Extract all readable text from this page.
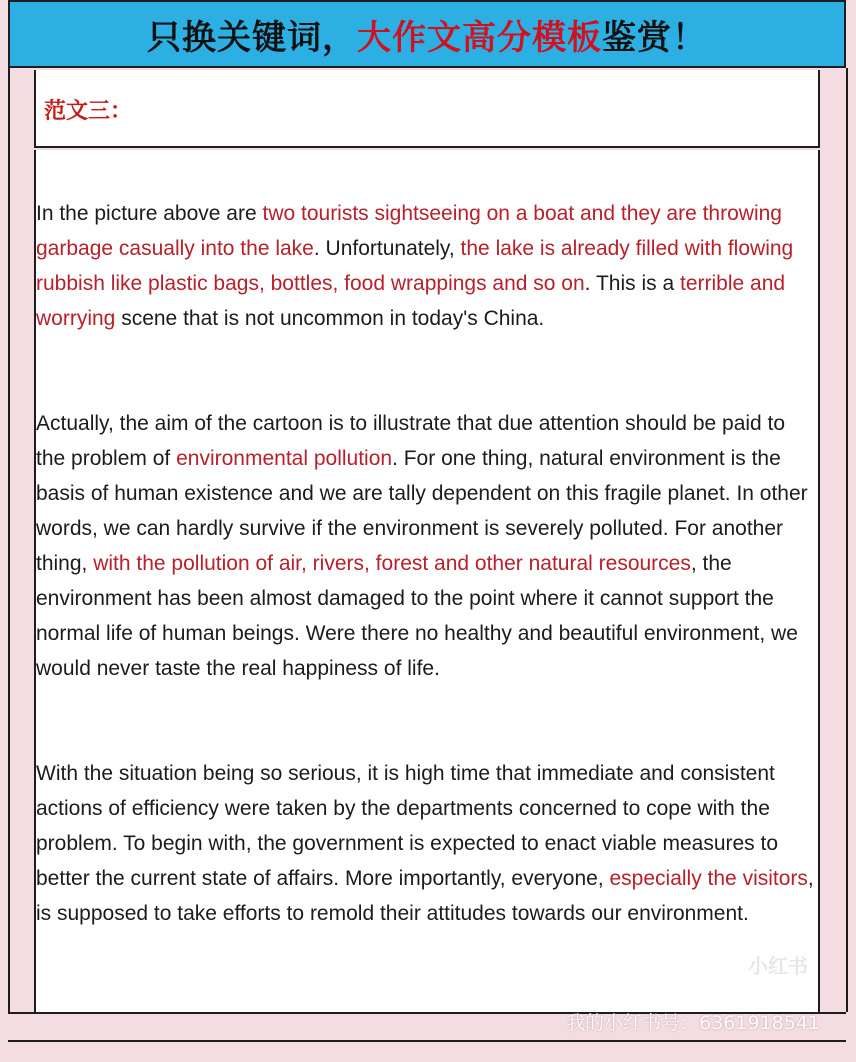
只换关键词， 大作文高分模板 鉴赏！
范文三：

In the picture above are two tourists sightseeing on a boat and they are throwing garbage casually into the lake. Unfortunately, the lake is already filled with flowing rubbish like plastic bags, bottles, food wrappings and so on. This is a terrible and worrying scene that is not uncommon in today's China.

Actually, the aim of the cartoon is to illustrate that due attention should be paid to the problem of environmental pollution. For one thing, natural environment is the basis of human existence and we are tally dependent on this fragile planet. In other words, we can hardly survive if the environment is severely polluted. For another thing, with the pollution of air, rivers, forest and other natural resources, the environment has been almost damaged to the point where it cannot support the normal life of human beings. Were there no healthy and beautiful environment, we would never taste the real happiness of life.

With the situation being so serious, it is high time that immediate and consistent actions of efficiency were taken by the departments concerned to cope with the problem. To begin with, the government is expected to enact viable measures to better the current state of affairs. More importantly, everyone, especially the visitors, is supposed to take efforts to remold their attitudes towards our environment.

小红书
我的小红书号：6361918541
